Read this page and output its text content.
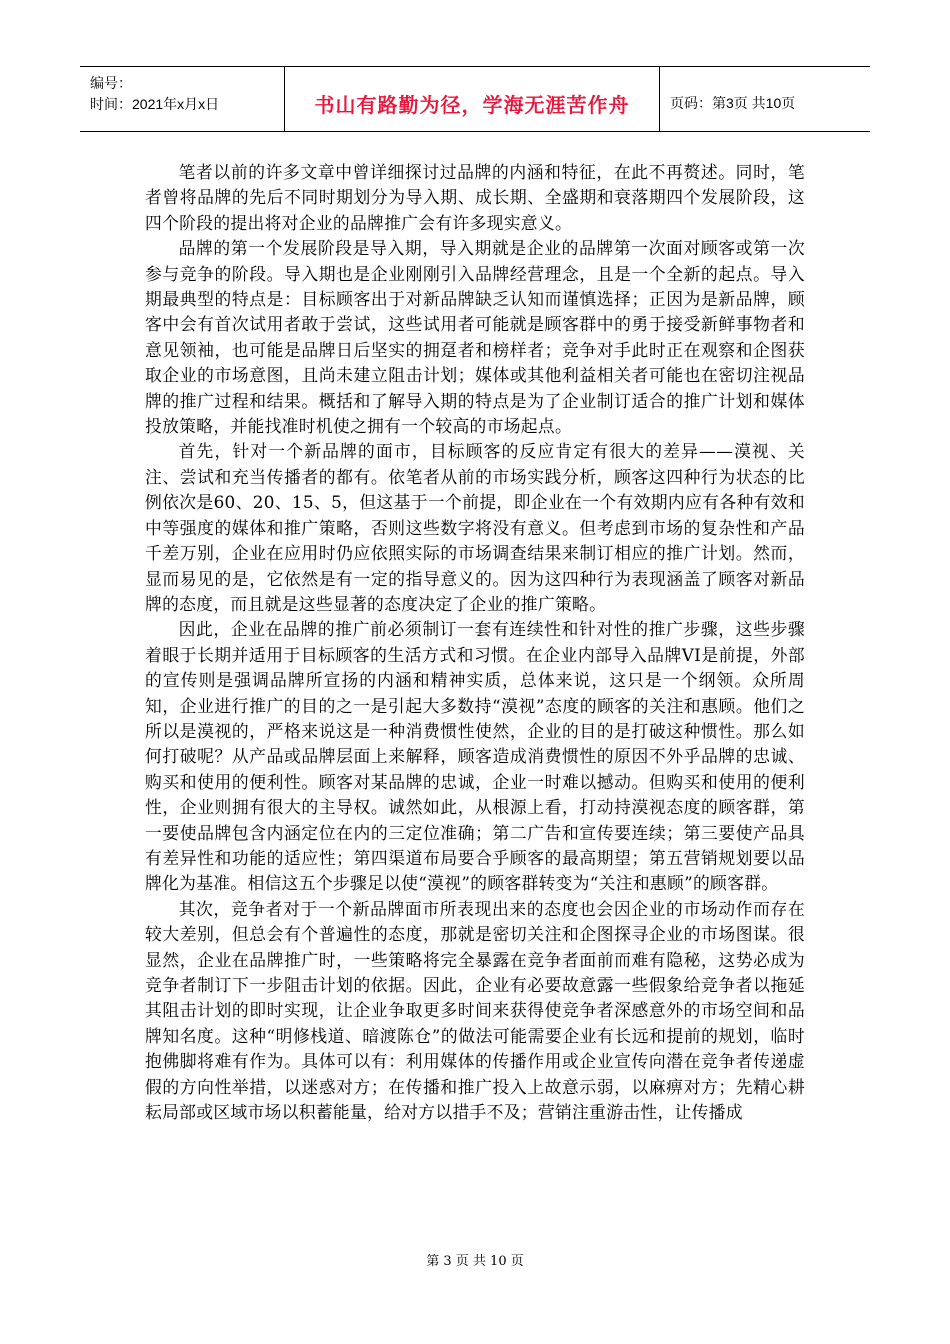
编号：
时间：2021年x月x日	书山有路勤为径，学海无涯苦作舟	页码：第3页 共10页

笔者以前的许多文章中曾详细探讨过品牌的内涵和特征，在此不再赘述。同时，笔者曾将品牌的先后不同时期划分为导入期、成长期、全盛期和衰落期四个发展阶段，这四个阶段的提出将对企业的品牌推广会有许多现实意义。

品牌的第一个发展阶段是导入期，导入期就是企业的品牌第一次面对顾客或第一次参与竞争的阶段。导入期也是企业刚刚引入品牌经营理念，且是一个全新的起点。导入期最典型的特点是：目标顾客出于对新品牌缺乏认知而谨慎选择；正因为是新品牌，顾客中会有首次试用者敢于尝试，这些试用者可能就是顾客群中的勇于接受新鲜事物者和意见领袖，也可能是品牌日后坚实的拥趸者和榜样者；竞争对手此时正在观察和企图获取企业的市场意图，且尚未建立阻击计划；媒体或其他利益相关者可能也在密切注视品牌的推广过程和结果。概括和了解导入期的特点是为了企业制订适合的推广计划和媒体投放策略，并能找准时机使之拥有一个较高的市场起点。

首先，针对一个新品牌的面市，目标顾客的反应肯定有很大的差异——漠视、关注、尝试和充当传播者的都有。依笔者从前的市场实践分析，顾客这四种行为状态的比例依次是60、20、15、5，但这基于一个前提，即企业在一个有效期内应有各种有效和中等强度的媒体和推广策略，否则这些数字将没有意义。但考虑到市场的复杂性和产品千差万别，企业在应用时仍应依照实际的市场调查结果来制订相应的推广计划。然而，显而易见的是，它依然是有一定的指导意义的。因为这四种行为表现涵盖了顾客对新品牌的态度，而且就是这些显著的态度决定了企业的推广策略。

因此，企业在品牌的推广前必须制订一套有连续性和针对性的推广步骤，这些步骤着眼于长期并适用于目标顾客的生活方式和习惯。在企业内部导入品牌VI是前提，外部的宣传则是强调品牌所宣扬的内涵和精神实质，总体来说，这只是一个纲领。众所周知，企业进行推广的目的之一是引起大多数持“漠视”态度的顾客的关注和惠顾。他们之所以是漠视的，严格来说这是一种消费惯性使然，企业的目的是打破这种惯性。那么如何打破呢？从产品或品牌层面上来解释，顾客造成消费惯性的原因不外乎品牌的忠诚、购买和使用的便利性。顾客对某品牌的忠诚，企业一时难以撼动。但购买和使用的便利性，企业则拥有很大的主导权。诚然如此，从根源上看，打动持漠视态度的顾客群，第一要使品牌包含内涵定位在内的三定位准确；第二广告和宣传要连续；第三要使产品具有差异性和功能的适应性；第四渠道布局要合乎顾客的最高期望；第五营销规划要以品牌化为基准。相信这五个步骤足以使“漠视”的顾客群转变为“关注和惠顾”的顾客群。

其次，竞争者对于一个新品牌面市所表现出来的态度也会因企业的市场动作而存在较大差别，但总会有个普遍性的态度，那就是密切关注和企图探寻企业的市场图谋。很显然，企业在品牌推广时，一些策略将完全暴露在竞争者面前而难有隐秘，这势必成为竞争者制订下一步阻击计划的依据。因此，企业有必要故意露一些假象给竞争者以拖延其阻击计划的即时实现，让企业争取更多时间来获得使竞争者深感意外的市场空间和品牌知名度。这种“明修栈道、暗渡陈仓”的做法可能需要企业有长远和提前的规划，临时抱佛脚将难有作为。具体可以有：利用媒体的传播作用或企业宣传向潜在竞争者传递虚假的方向性举措，以迷惑对方；在传播和推广投入上故意示弱，以麻痹对方；先精心耕耘局部或区域市场以积蓄能量，给对方以措手不及；营销注重游击性，让传播成

第 3 页 共 10 页
